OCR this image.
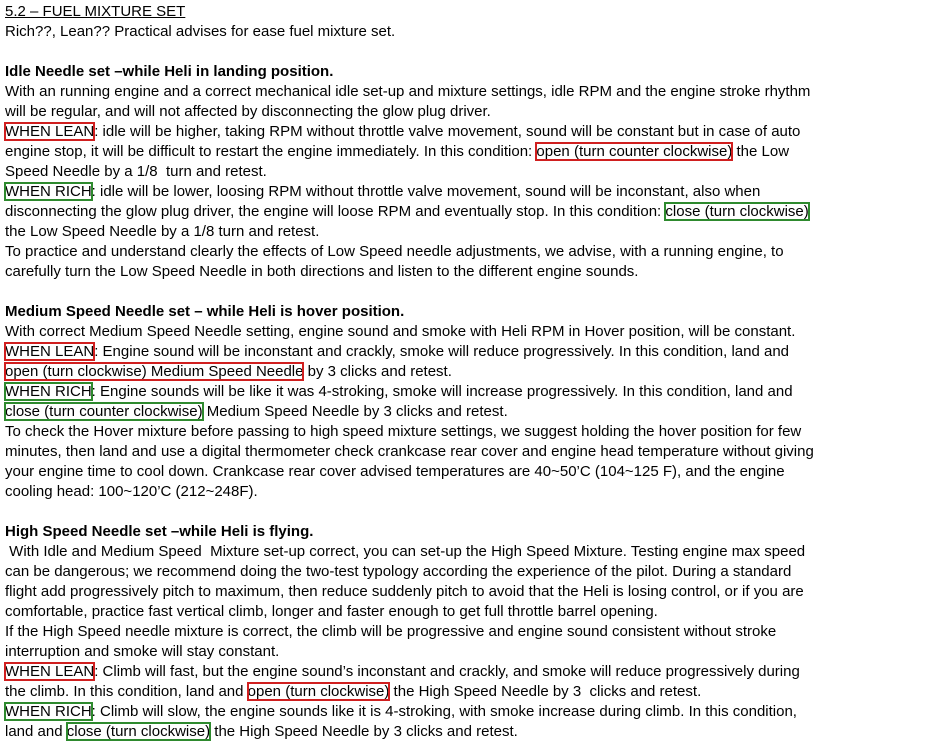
5.2 – FUEL MIXTURE SET
Rich??, Lean?? Practical advises for ease fuel mixture set.
Idle Needle set –while Heli in landing position.
With an running engine and a correct mechanical idle set-up and mixture settings, idle RPM and the engine stroke rhythm
will be regular, and will not affected by disconnecting the glow plug driver.
WHEN LEAN: idle will be higher, taking RPM without throttle valve movement, sound will be constant but in case of auto
engine stop, it will be difficult to restart the engine immediately. In this condition: open (turn counter clockwise) the Low
Speed Needle by a 1/8  turn and retest.
WHEN RICH: idle will be lower, loosing RPM without throttle valve movement, sound will be inconstant, also when
disconnecting the glow plug driver, the engine will loose RPM and eventually stop. In this condition: close (turn clockwise)
the Low Speed Needle by a 1/8 turn and retest.
To practice and understand clearly the effects of Low Speed needle adjustments, we advise, with a running engine, to
carefully turn the Low Speed Needle in both directions and listen to the different engine sounds.
Medium Speed Needle set – while Heli is hover position.
With correct Medium Speed Needle setting, engine sound and smoke with Heli RPM in Hover position, will be constant.
WHEN LEAN: Engine sound will be inconstant and crackly, smoke will reduce progressively. In this condition, land and
open (turn clockwise) Medium Speed Needle by 3 clicks and retest.
WHEN RICH: Engine sounds will be like it was 4-stroking, smoke will increase progressively. In this condition, land and
close (turn counter clockwise) Medium Speed Needle by 3 clicks and retest.
To check the Hover mixture before passing to high speed mixture settings, we suggest holding the hover position for few
minutes, then land and use a digital thermometer check crankcase rear cover and engine head temperature without giving
your engine time to cool down. Crankcase rear cover advised temperatures are 40~50’C (104~125 F), and the engine
cooling head: 100~120’C (212~248F).
High Speed Needle set –while Heli is flying.
With Idle and Medium Speed  Mixture set-up correct, you can set-up the High Speed Mixture. Testing engine max speed
can be dangerous; we recommend doing the two-test typology according the experience of the pilot. During a standard
flight add progressively pitch to maximum, then reduce suddenly pitch to avoid that the Heli is losing control, or if you are
comfortable, practice fast vertical climb, longer and faster enough to get full throttle barrel opening.
If the High Speed needle mixture is correct, the climb will be progressive and engine sound consistent without stroke
interruption and smoke will stay constant.
WHEN LEAN: Climb will fast, but the engine sound’s inconstant and crackly, and smoke will reduce progressively during
the climb. In this condition, land and open (turn clockwise) the High Speed Needle by 3  clicks and retest.
WHEN RICH: Climb will slow, the engine sounds like it is 4-stroking, with smoke increase during climb. In this condition,
land and close (turn clockwise) the High Speed Needle by 3 clicks and retest.
